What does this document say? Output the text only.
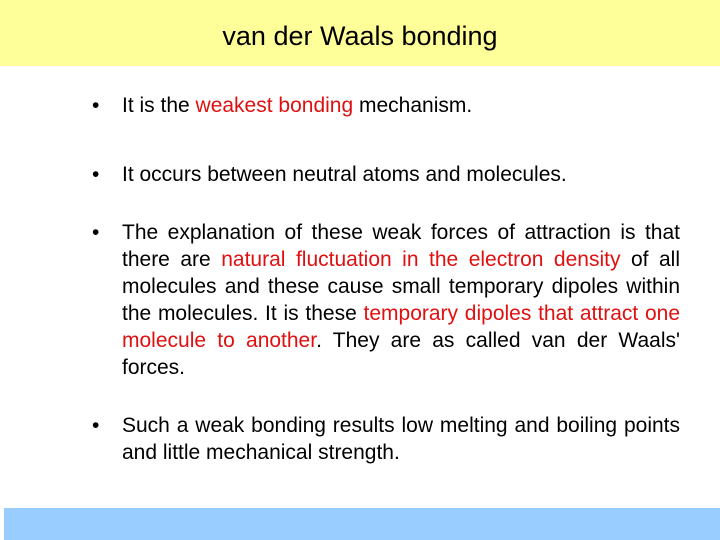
van der Waals bonding
• It is the weakest bonding mechanism.
• It occurs between neutral atoms and molecules.
• The explanation of these weak forces of attraction is that there are natural fluctuation in the electron density of all molecules and these cause small temporary dipoles within the molecules. It is these temporary dipoles that attract one molecule to another. They are as called van der Waals' forces.
• Such a weak bonding results low melting and boiling points and little mechanical strength.
